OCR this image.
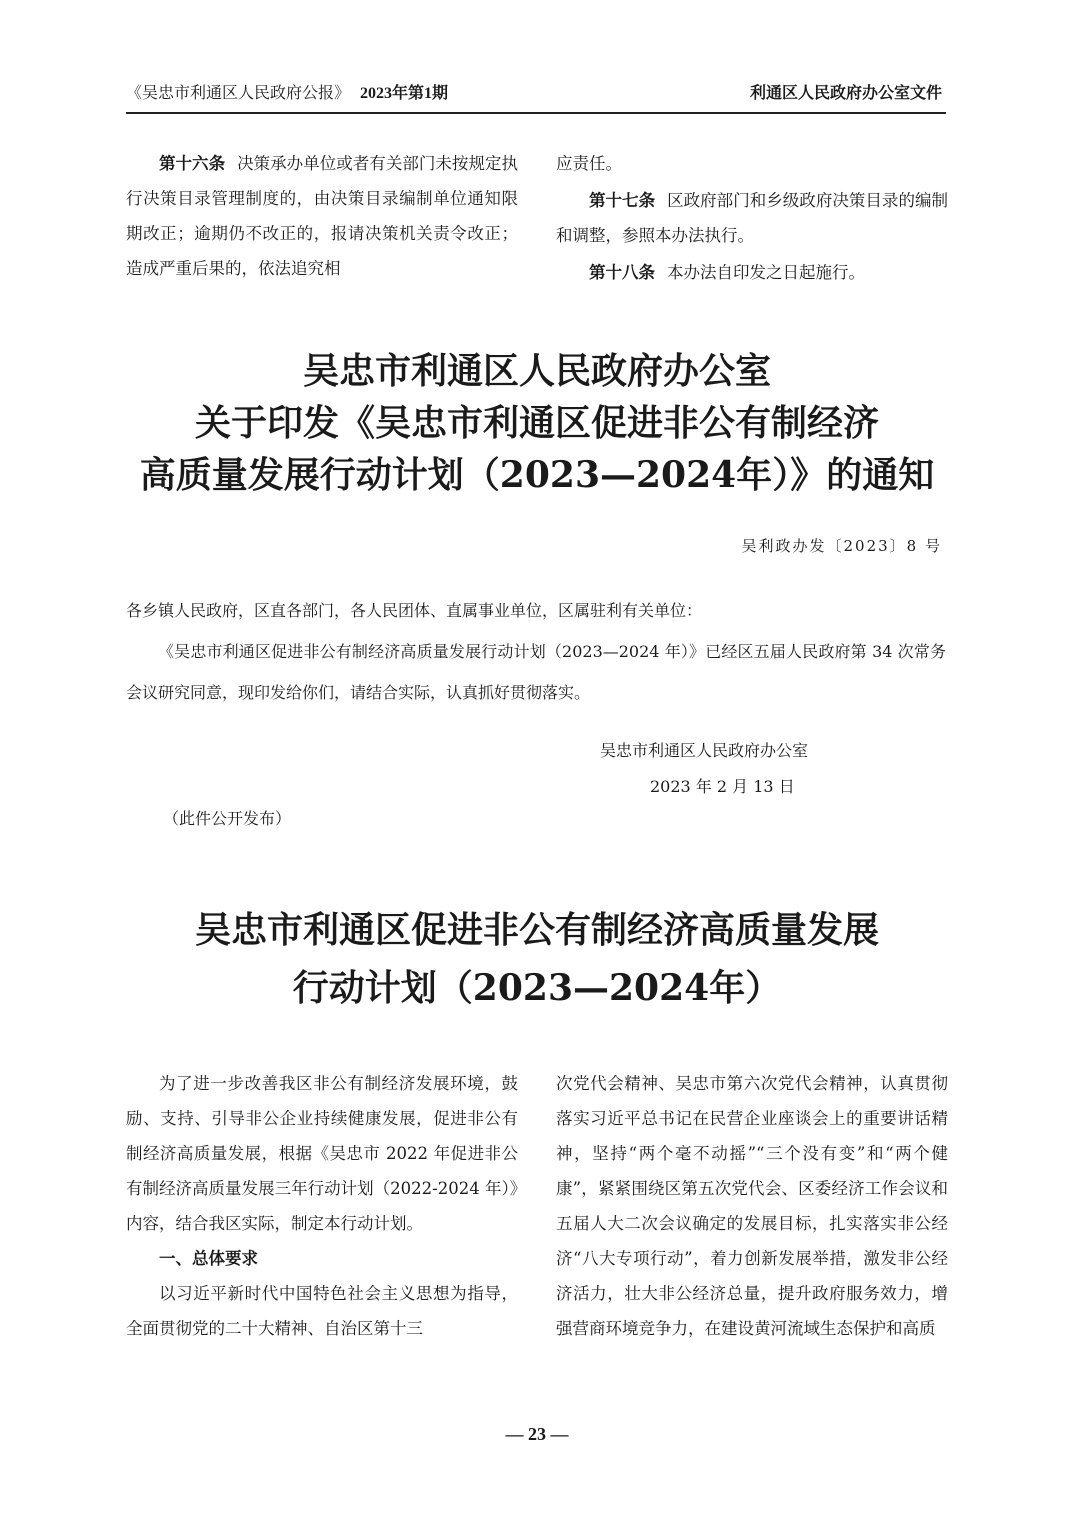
《吴忠市利通区人民政府公报》 2023年第1期	利通区人民政府办公室文件

第十六条 决策承办单位或者有关部门未按规定执行决策目录管理制度的，由决策目录编制单位通知限期改正；逾期仍不改正的，报请决策机关责令改正；造成严重后果的，依法追究相

应责任。

第十七条 区政府部门和乡级政府决策目录的编制和调整，参照本办法执行。

第十八条 本办法自印发之日起施行。

吴忠市利通区人民政府办公室
关于印发《吴忠市利通区促进非公有制经济
高质量发展行动计划（2023—2024年）》的通知
吴利政办发〔2023〕8 号

各乡镇人民政府，区直各部门，各人民团体、直属事业单位，区属驻利有关单位：

《吴忠市利通区促进非公有制经济高质量发展行动计划（2023—2024 年）》已经区五届人民政府第 34 次常务会议研究同意，现印发给你们，请结合实际，认真抓好贯彻落实。

吴忠市利通区人民政府办公室
2023 年 2 月 13 日
（此件公开发布）
吴忠市利通区促进非公有制经济高质量发展
行动计划（2023—2024年）

为了进一步改善我区非公有制经济发展环境，鼓励、支持、引导非公企业持续健康发展，促进非公有制经济高质量发展，根据《吴忠市 2022 年促进非公有制经济高质量发展三年行动计划（2022-2024 年）》内容，结合我区实际，制定本行动计划。

一、总体要求

以习近平新时代中国特色社会主义思想为指导，全面贯彻党的二十大精神、自治区第十三

次党代会精神、吴忠市第六次党代会精神，认真贯彻落实习近平总书记在民营企业座谈会上的重要讲话精神，坚持“两个毫不动摇”“三个没有变”和“两个健康”，紧紧围绕区第五次党代会、区委经济工作会议和五届人大二次会议确定的发展目标，扎实落实非公经济“八大专项行动”，着力创新发展举措，激发非公经济活力，壮大非公经济总量，提升政府服务效力，增强营商环境竞争力，在建设黄河流域生态保护和高质

— 23 —
